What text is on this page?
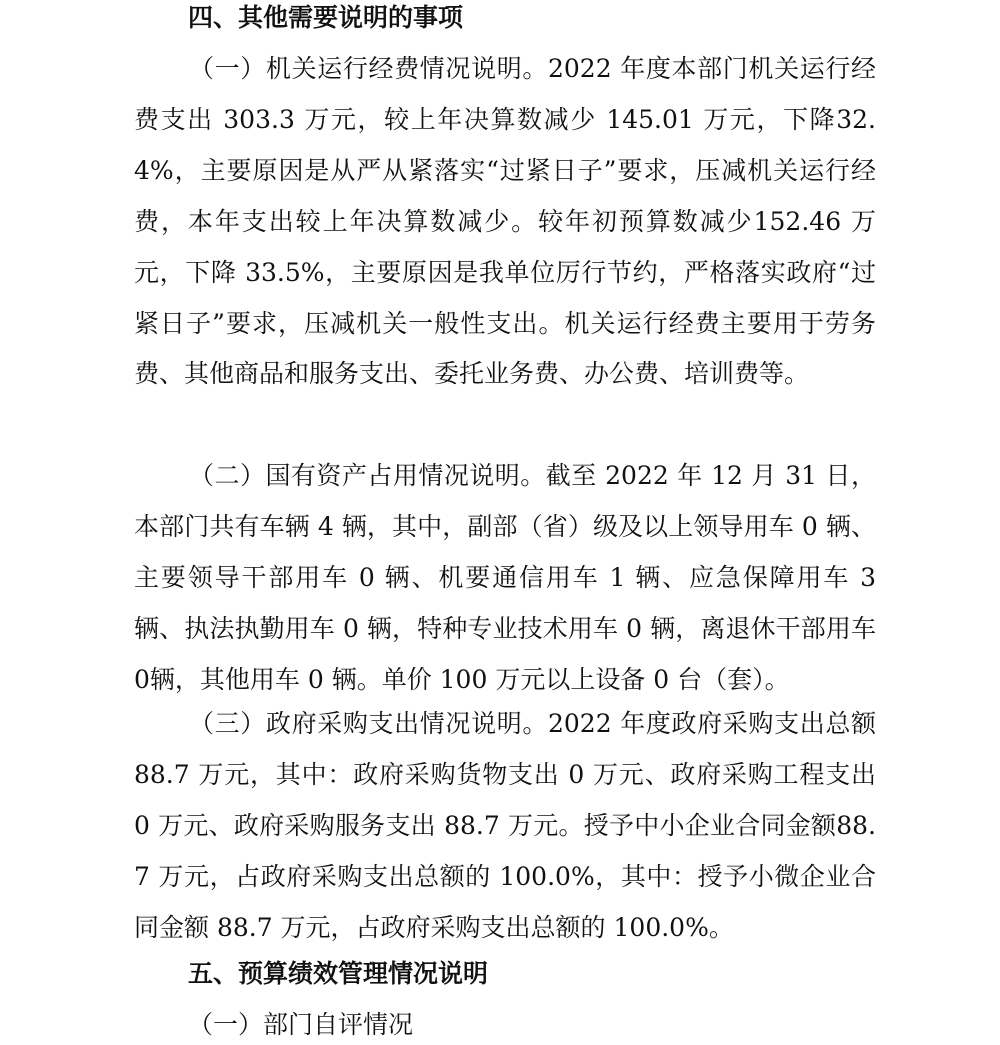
四、其他需要说明的事项

（一）机关运行经费情况说明。2022 年度本部门机关运行经费支出 303.3 万元，较上年决算数减少 145.01 万元，下降32.4%，主要原因是从严从紧落实“过紧日子”要求，压减机关运行经费，本年支出较上年决算数减少。较年初预算数减少152.46 万元，下降 33.5%，主要原因是我单位厉行节约，严格落实政府“过紧日子”要求，压减机关一般性支出。机关运行经费主要用于劳务费、其他商品和服务支出、委托业务费、办公费、培训费等。

（二）国有资产占用情况说明。截至 2022 年 12 月 31 日，本部门共有车辆 4 辆，其中，副部（省）级及以上领导用车 0 辆、主要领导干部用车 0 辆、机要通信用车 1 辆、应急保障用车 3 辆、执法执勤用车 0 辆，特种专业技术用车 0 辆，离退休干部用车 0辆，其他用车 0 辆。单价 100 万元以上设备 0 台（套）。

（三）政府采购支出情况说明。2022 年度政府采购支出总额 88.7 万元，其中：政府采购货物支出 0 万元、政府采购工程支出 0 万元、政府采购服务支出 88.7 万元。授予中小企业合同金额88.7 万元，占政府采购支出总额的 100.0%，其中：授予小微企业合同金额 88.7 万元，占政府采购支出总额的 100.0%。

五、预算绩效管理情况说明
（一）部门自评情况
